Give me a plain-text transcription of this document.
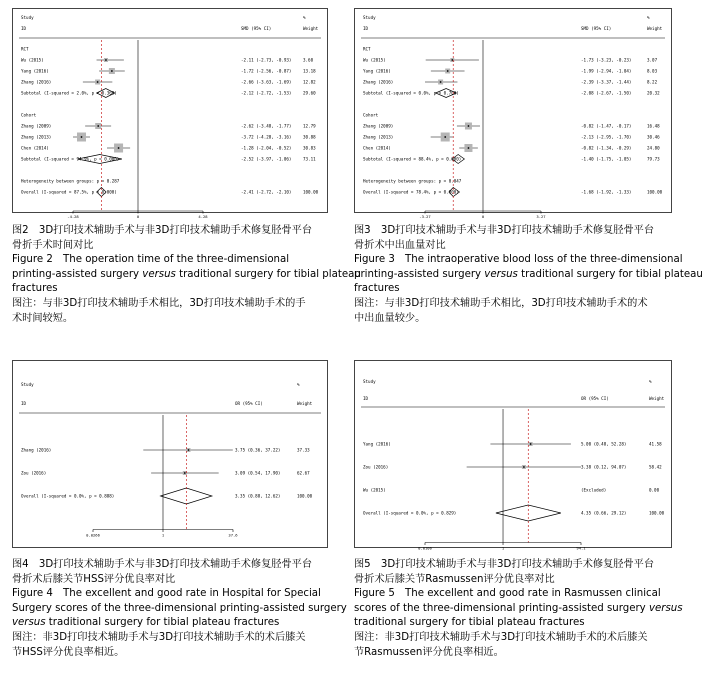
Study
ID
%
SMD (95% CI)	Weight
RCT
Wu (2015)	-2.11 (-2.73, -0.93)	3.60
Yang (2016)	-1.72 (-2.56, -0.87)	13.18
Zhang (2016)	-2.66 (-3.63, -1.69)	12.82
Subtotal (I-squared = 2.0%, p = 0.360)	-2.12 (-2.72, -1.53)	29.60
Cohort
Zhang (2009)	-2.62 (-3.48, -1.77)	12.79
Zhang (2013)	-3.72 (-4.28, -3.16)	30.88
Chen (2014)	-1.28 (-2.04, -0.52)	30.83
Subtotal (I-squared = 94.9%, p = 0.000)	-2.52 (-3.97, -1.06)	73.11
Heterogeneity between groups: p = 0.287
Overall (I-squared = 87.5%, p = 0.000)	-2.41 (-2.72, -2.10)	100.00
-4.28	0	4.28
图2　3D打印技术辅助手术与非3D打印技术辅助手术修复胫骨平台
骨折手术时间对比
Figure 2　The operation time of the three-dimensional
printing-assisted surgery versus traditional surgery for tibial plateau
fractures
图注：与非3D打印技术辅助手术相比，3D打印技术辅助手术的手
术时间较短。
Study
ID
%
SMD (95% CI)	Weight
RCT
Wu (2015)	-1.73 (-3.23, -0.23)	3.07
Yang (2016)	-1.99 (-2.94, -1.04)	8.03
Zhang (2016)	-2.39 (-3.37, -1.44)	8.22
Subtotal (I-squared = 0.0%, p = 0.700)	-2.08 (-2.67, -1.50)	20.32
Cohort
Zhang (2009)	-0.82 (-1.47, -0.17)	16.48
Zhang (2013)	-2.13 (-2.95, -1.70)	30.46
Chen (2014)	-0.82 (-1.34, -0.29)	24.80
Subtotal (I-squared = 88.4%, p = 0.000)	-1.40 (-1.75, -1.05)	79.73
Heterogeneity between groups: p = 0.047
Overall (I-squared = 78.4%, p = 0.000)	-1.68 (-1.92, -1.33)	100.00
-3.27	0	3.27
图3　3D打印技术辅助手术与非3D打印技术辅助手术修复胫骨平台
骨折术中出血量对比
Figure 3　The intraoperative blood loss of the three-dimensional
printing-assisted surgery versus traditional surgery for tibial plateau
fractures
图注：与非3D打印技术辅助手术相比，3D打印技术辅助手术的术
中出血量较少。
Study
ID
%
OR (95% CI)	Weight
Zhang (2016)	3.75 (0.36, 37.22)	37.33
Zou (2016)	3.09 (0.54, 17.90)	62.67
Overall (I-squared = 0.0%, p = 0.888)	3.35 (0.88, 12.62)	100.00
0.0266	1	37.6
图4　3D打印技术辅助手术与非3D打印技术辅助手术修复胫骨平台
骨折术后膝关节HSS评分优良率对比
Figure 4　The excellent and good rate in Hospital for Special
Surgery scores of the three-dimensional printing-assisted surgery
versus traditional surgery for tibial plateau fractures
图注：非3D打印技术辅助手术与3D打印技术辅助手术的术后膝关
节HSS评分优良率相近。
Study
ID
%
OR (95% CI)	Weight
Yang (2016)	5.00 (0.48, 52.28)	41.58
Zou (2016)	3.38 (0.12, 94.07)	58.42
Wu (2015)	(Excluded)	0.00
Overall (I-squared = 0.0%, p = 0.829)	4.35 (0.66, 29.12)	100.00
0.0106	1	94.1
图5　3D打印技术辅助手术与非3D打印技术辅助手术修复胫骨平台
骨折术后膝关节Rasmussen评分优良率对比
Figure 5　The excellent and good rate in Rasmussen clinical
scores of the three-dimensional printing-assisted surgery versus
traditional surgery for tibial plateau fractures
图注：非3D打印技术辅助手术与3D打印技术辅助手术的术后膝关
节Rasmussen评分优良率相近。
